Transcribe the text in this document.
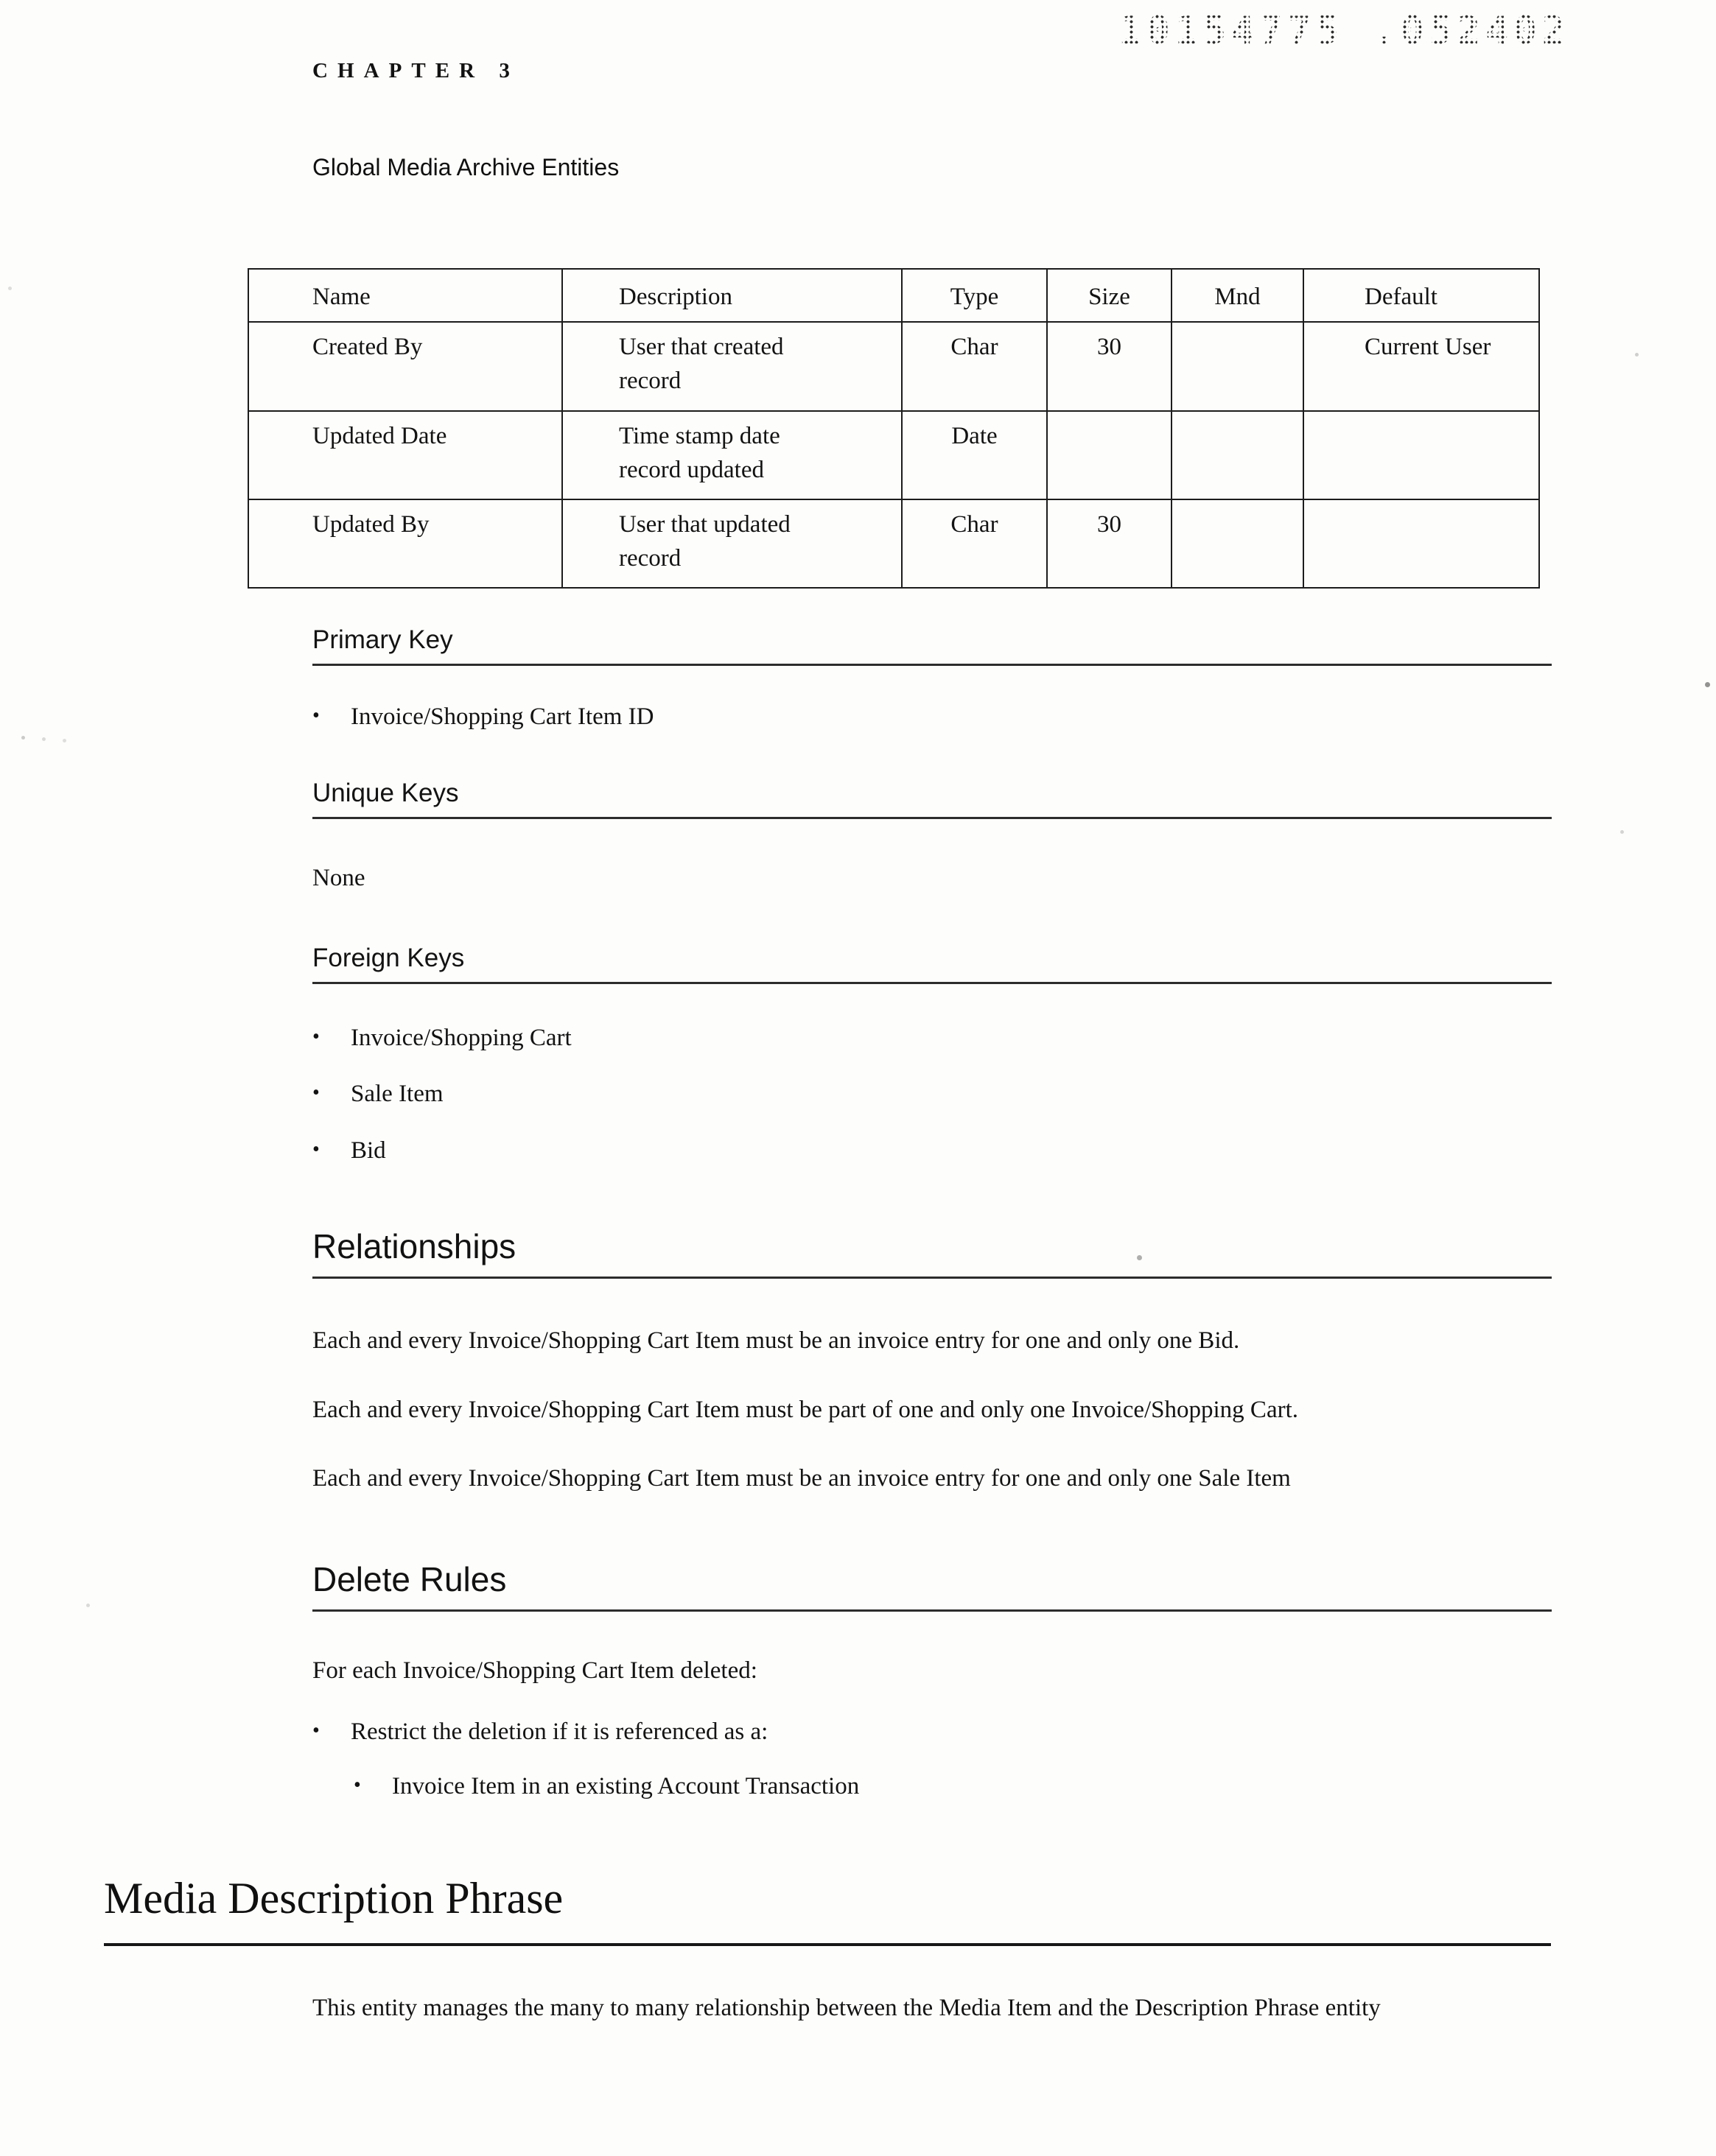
10154775 .052402
CHAPTER 3
Global Media Archive Entities
Name	Description	Type	Size	Mnd	Default
Created By	User that created record	Char	30		Current User
Updated Date	Time stamp date record updated	Date			
Updated By	User that updated record	Char	30		
Primary Key
•
Invoice/Shopping Cart Item ID
Unique Keys
None
Foreign Keys
•
Invoice/Shopping Cart
•
Sale Item
•
Bid
Relationships
Each and every Invoice/Shopping Cart Item must be an invoice entry for one and only one Bid.
Each and every Invoice/Shopping Cart Item must be part of one and only one Invoice/Shopping Cart.
Each and every Invoice/Shopping Cart Item must be an invoice entry for one and only one Sale Item
Delete Rules
For each Invoice/Shopping Cart Item deleted:
•
Restrict the deletion if it is referenced as a:
•
Invoice Item in an existing Account Transaction
Media Description Phrase
This entity manages the many to many relationship between the Media Item and the Description Phrase entity
